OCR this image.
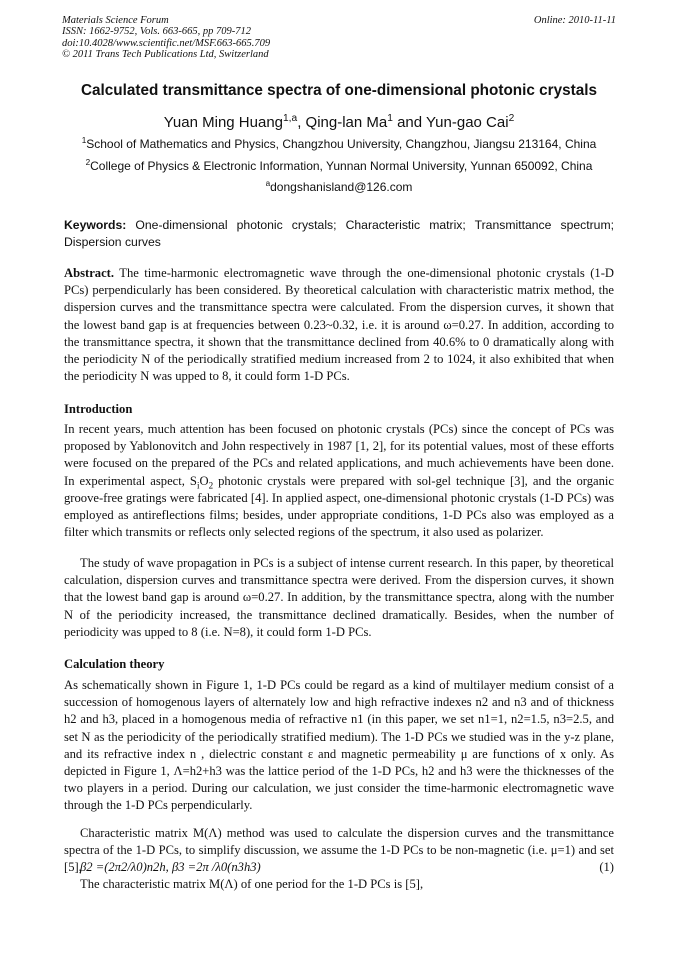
Materials Science Forum
ISSN: 1662-9752, Vols. 663-665, pp 709-712
doi:10.4028/www.scientific.net/MSF.663-665.709
© 2011 Trans Tech Publications Ltd, Switzerland
Online: 2010-11-11
Calculated transmittance spectra of one-dimensional photonic crystals
Yuan Ming Huang$^{1,a}$, Qing-lan Ma$^1$ and Yun-gao Cai$^2$
$^1$School of Mathematics and Physics, Changzhou University, Changzhou, Jiangsu 213164, China
$^2$College of Physics & Electronic Information, Yunnan Normal University, Yunnan 650092, China
$^a$dongshanisland@126.com
Keywords: One-dimensional photonic crystals; Characteristic matrix; Transmittance spectrum; Dispersion curves
Abstract. The time-harmonic electromagnetic wave through the one-dimensional photonic crystals (1-D PCs) perpendicularly has been considered. By theoretical calculation with characteristic matrix method, the dispersion curves and the transmittance spectra were calculated. From the dispersion curves, it shown that the lowest band gap is at frequencies between 0.23~0.32, i.e. it is around ω=0.27. In addition, according to the transmittance spectra, it shown that the transmittance declined from 40.6% to 0 dramatically along with the periodicity N of the periodically stratified medium increased from 2 to 1024, it also exhibited that when the periodicity N was upped to 8, it could form 1-D PCs.
Introduction
In recent years, much attention has been focused on photonic crystals (PCs) since the concept of PCs was proposed by Yablonovitch and John respectively in 1987 [1, 2], for its potential values, most of these efforts were focused on the prepared of the PCs and related applications, and much achievements have been done. In experimental aspect, $S_iO_2$ photonic crystals were prepared with sol-gel technique [3], and the organic groove-free gratings were fabricated [4]. In applied aspect, one-dimensional photonic crystals (1-D PCs) was employed as antireflections films; besides, under appropriate conditions, 1-D PCs also was employed as a filter which transmits or reflects only selected regions of the spectrum, it also used as polarizer.
The study of wave propagation in PCs is a subject of intense current research. In this paper, by theoretical calculation, dispersion curves and transmittance spectra were derived. From the dispersion curves, it shown that the lowest band gap is around ω=0.27. In addition, by the transmittance spectra, along with the number N of the periodicity increased, the transmittance declined dramatically. Besides, when the number of periodicity was upped to 8 (i.e. N=8), it could form 1-D PCs.
Calculation theory
As schematically shown in Figure 1, 1-D PCs could be regard as a kind of multilayer medium consist of a succession of homogenous layers of alternately low and high refractive indexes n2 and n3 and of thickness h2 and h3, placed in a homogenous media of refractive n1 (in this paper, we set n1=1, n2=1.5, n3=2.5, and set N as the periodicity of the periodically stratified medium). The 1-D PCs we studied was in the y-z plane, and its refractive index n , dielectric constant ε and magnetic permeability μ are functions of x only. As depicted in Figure 1, Λ=h2+h3 was the lattice period of the 1-D PCs, h2 and h3 were the thicknesses of the two players in a period. During our calculation, we just consider the time-harmonic electromagnetic wave through the 1-D PCs perpendicularly.
Characteristic matrix M(Λ) method was used to calculate the dispersion curves and the transmittance spectra of the 1-D PCs, to simplify discussion, we assume the 1-D PCs to be non-magnetic (i.e. μ=1) and set [5],
β2 =(2π2/λ0)n2h, β3 =2π /λ0(n3h3)	(1)
The characteristic matrix M(Λ) of one period for the 1-D PCs is [5],
